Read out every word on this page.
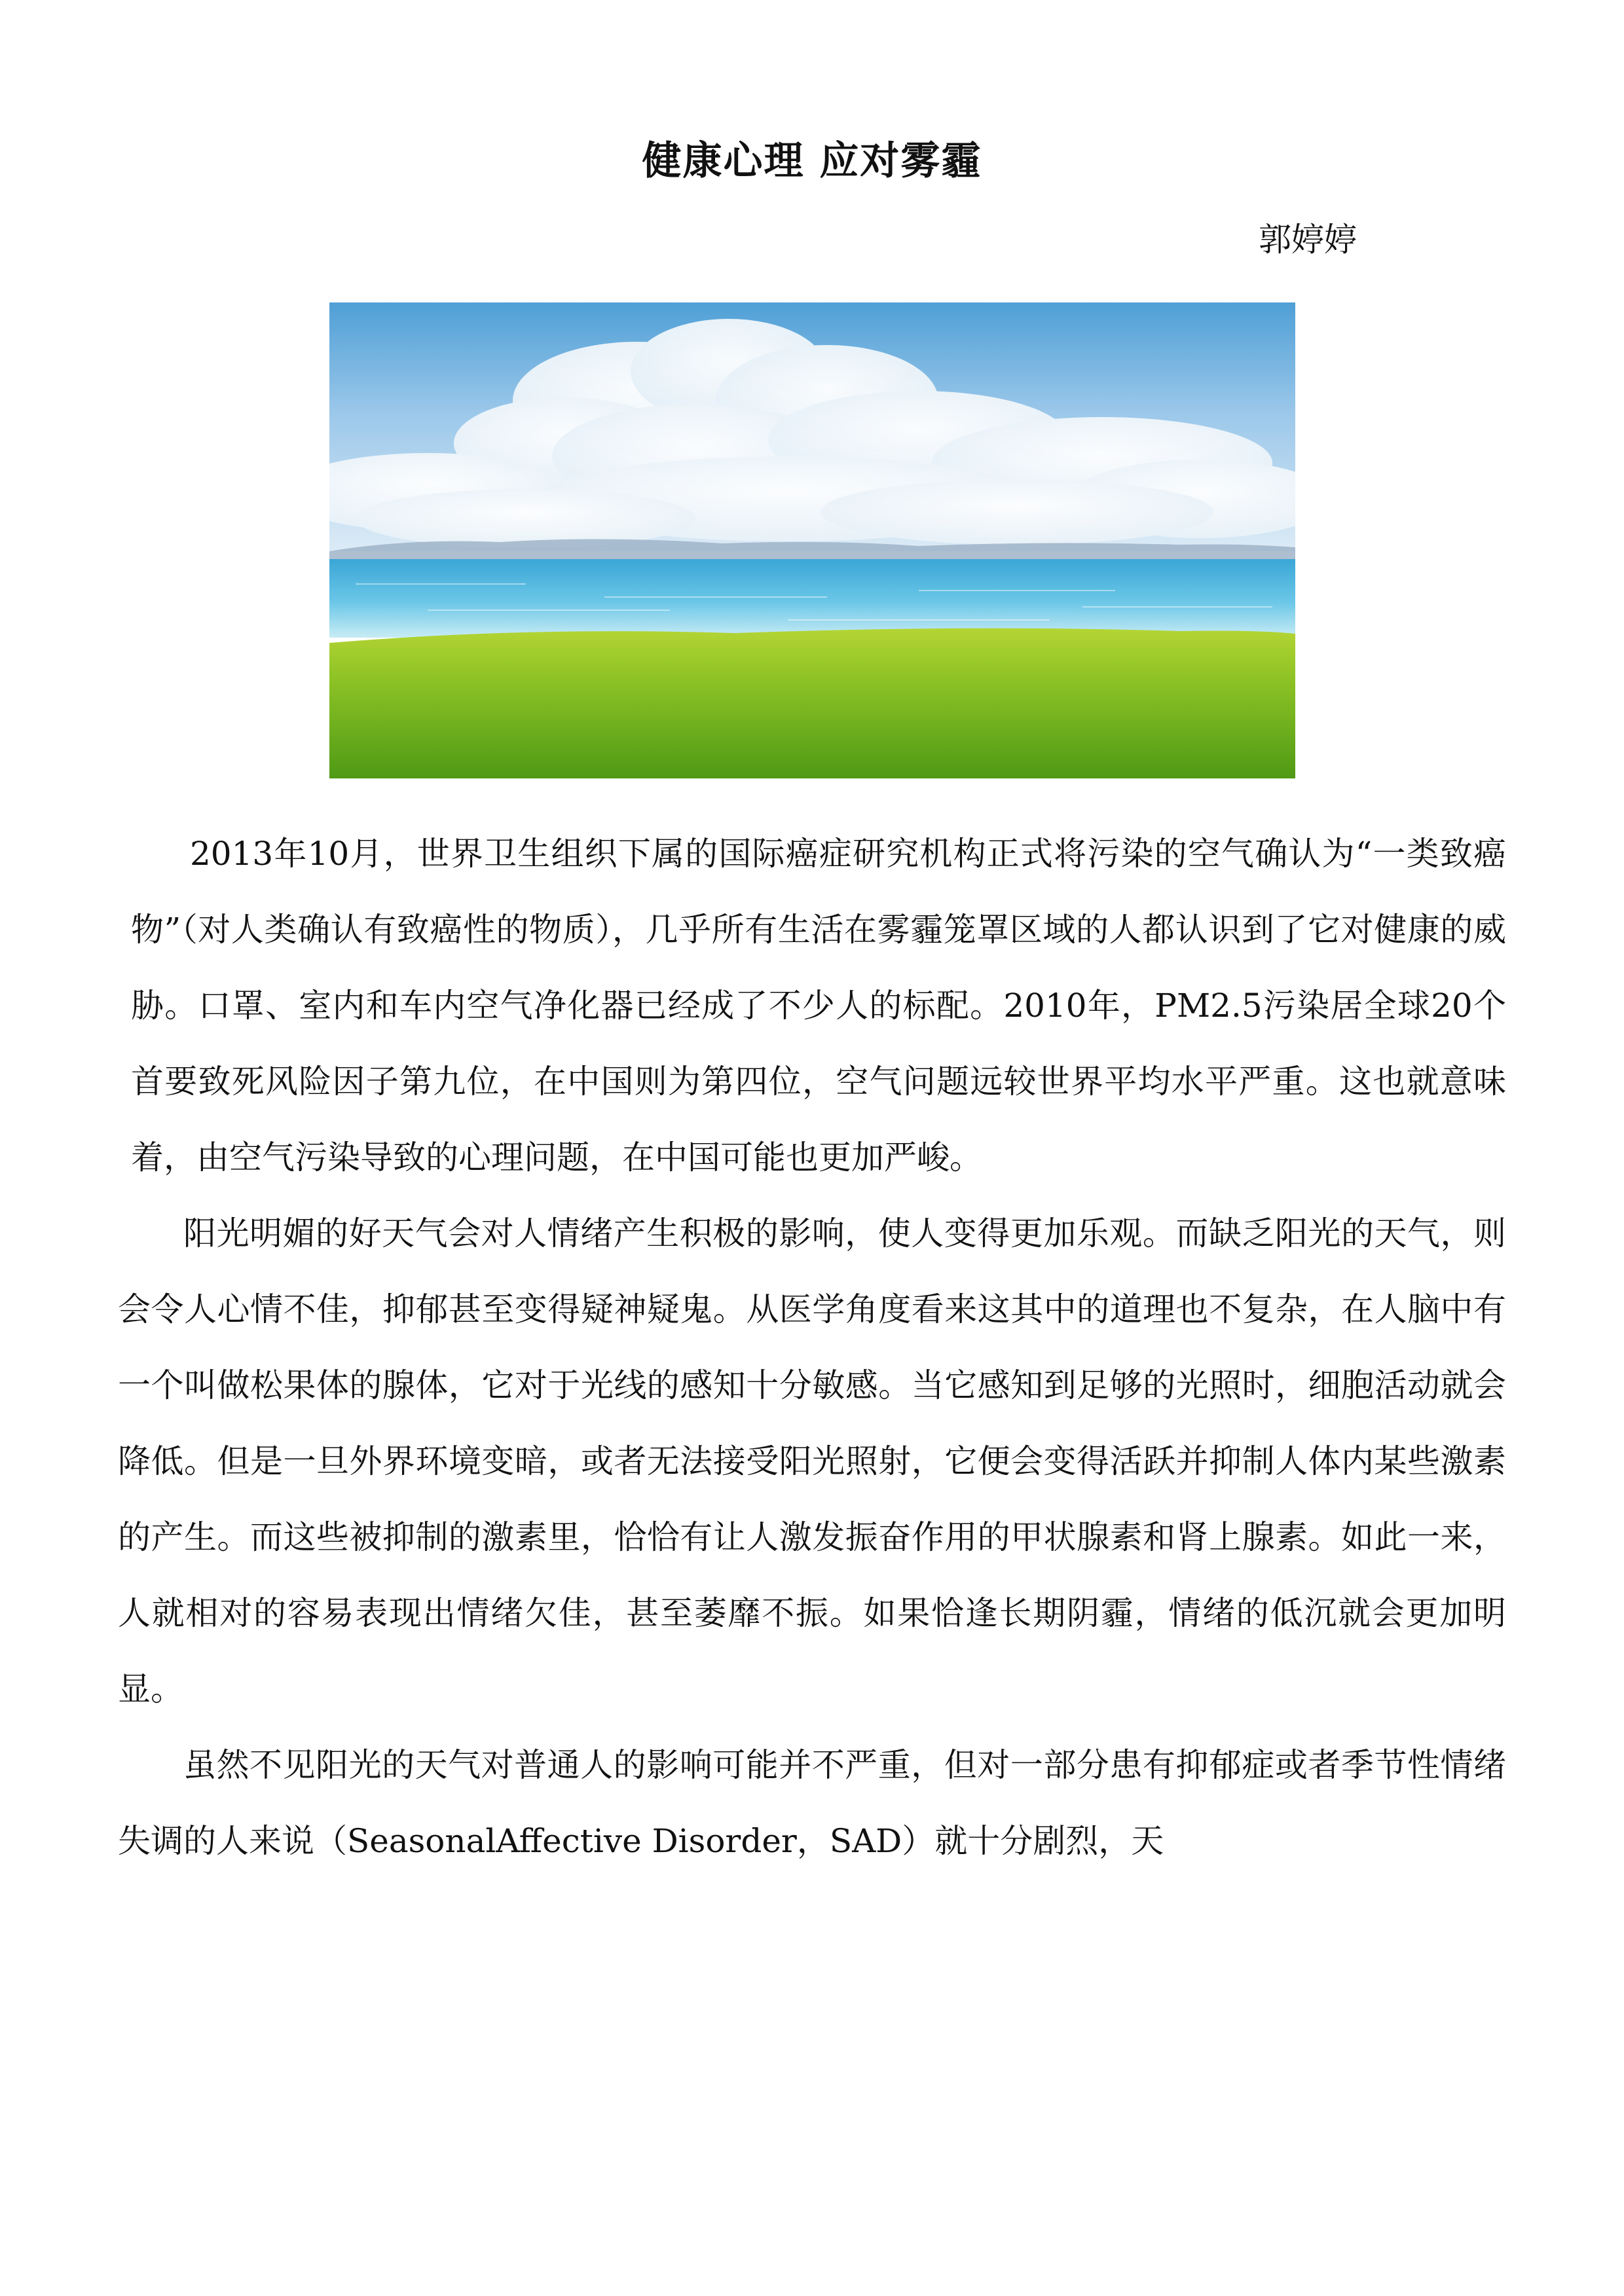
健康心理 应对雾霾
郭婷婷

2013年10月，世界卫生组织下属的国际癌症研究机构正式将污染的空气确认为“一类致癌物”（对人类确认有致癌性的物质），几乎所有生活在雾霾笼罩区域的人都认识到了它对健康的威胁。口罩、室内和车内空气净化器已经成了不少人的标配。2010年，PM2.5污染居全球20个首要致死风险因子第九位，在中国则为第四位，空气问题远较世界平均水平严重。这也就意味着，由空气污染导致的心理问题，在中国可能也更加严峻。

阳光明媚的好天气会对人情绪产生积极的影响，使人变得更加乐观。而缺乏阳光的天气，则会令人心情不佳，抑郁甚至变得疑神疑鬼。从医学角度看来这其中的道理也不复杂，在人脑中有一个叫做松果体的腺体，它对于光线的感知十分敏感。当它感知到足够的光照时，细胞活动就会降低。但是一旦外界环境变暗，或者无法接受阳光照射，它便会变得活跃并抑制人体内某些激素的产生。而这些被抑制的激素里，恰恰有让人激发振奋作用的甲状腺素和肾上腺素。如此一来，人就相对的容易表现出情绪欠佳，甚至萎靡不振。如果恰逢长期阴霾，情绪的低沉就会更加明显。

虽然不见阳光的天气对普通人的影响可能并不严重，但对一部分患有抑郁症或者季节性情绪失调的人来说（SeasonalAffective Disorder，SAD）就十分剧烈，天
